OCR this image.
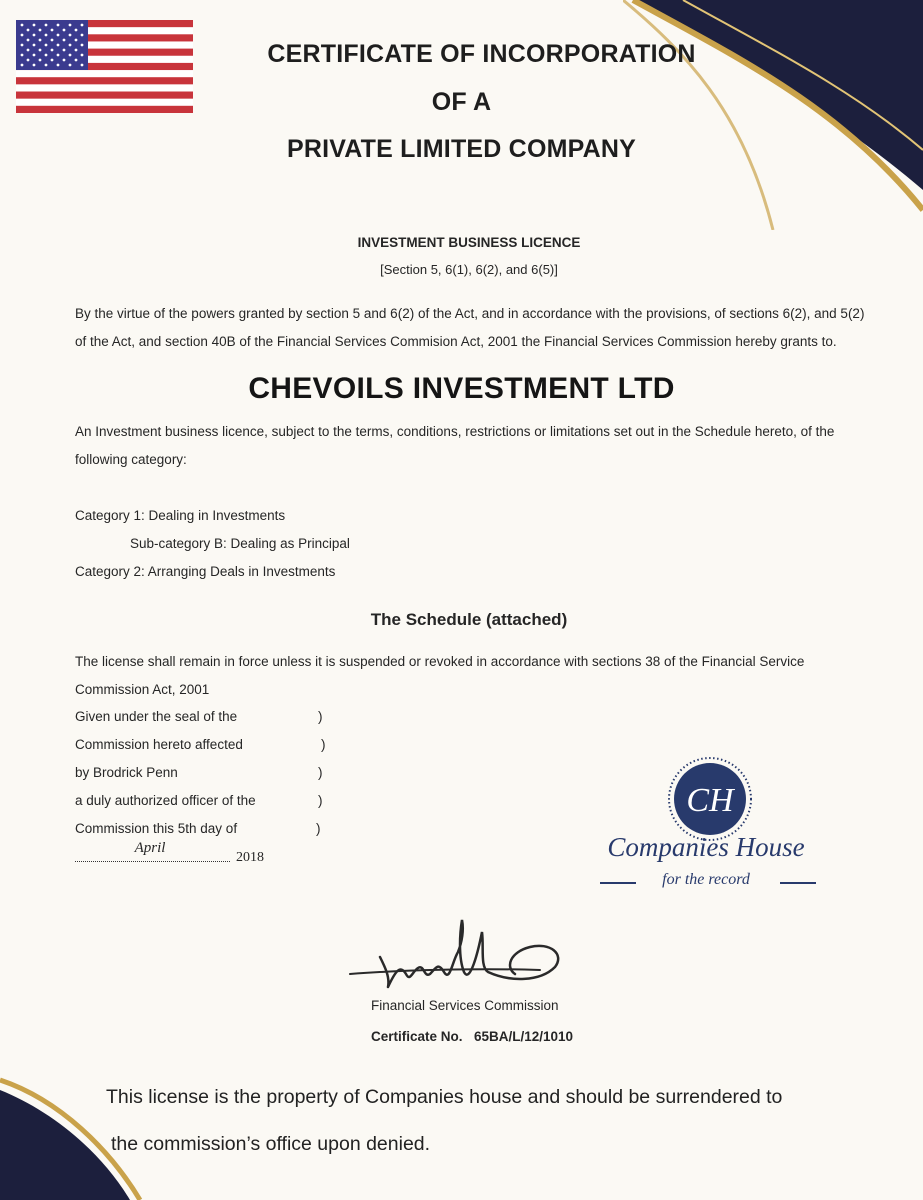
CERTIFICATE OF INCORPORATION
OF A
PRIVATE LIMITED COMPANY
INVESTMENT BUSINESS LICENCE
[Section 5, 6(1), 6(2), and 6(5)]
By the virtue of the powers granted by section 5 and 6(2) of the Act, and in accordance with the provisions, of sections 6(2), and 5(2) of the Act, and section 40B of the Financial Services Commision Act, 2001 the Financial Services Commission hereby grants to.
CHEVOILS INVESTMENT LTD
An Investment business licence, subject to the terms, conditions, restrictions or limitations set out in the Schedule hereto, of the following category:
Category 1: Dealing in Investments
Sub-category B: Dealing as Principal
Category 2: Arranging Deals in Investments
The Schedule (attached)
The license shall remain in force unless it is suspended or revoked in accordance with sections 38 of the Financial Service Commission Act, 2001
Given under the seal of the
Commission hereto affected
by Brodrick Penn
a duly authorized officer of the
Commission this 5th day of
)
)
)
)
)
April
2018
CH
Companies House
for the record
Financial Services Commission
Certificate No. 65BA/L/12/1010
This license is the property of Companies house and should be surrendered to
the commission’s office upon denied.
